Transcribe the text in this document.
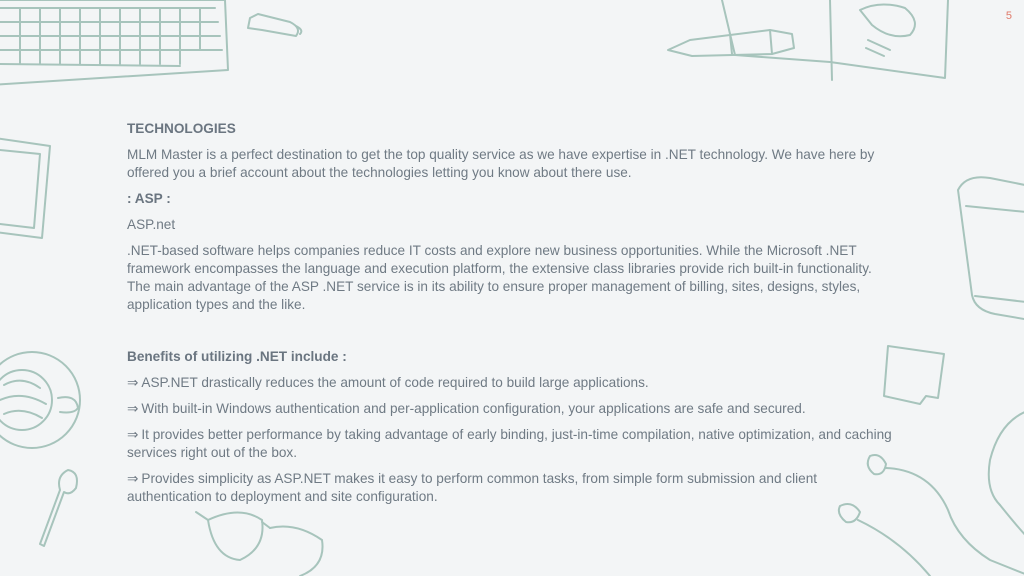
5

TECHNOLOGIES

MLM Master is a perfect destination to get the top quality service as we have expertise in .NET technology. We have here by offered you a brief account about the technologies letting you know about there use.

: ASP :

ASP.net

.NET-based software helps companies reduce IT costs and explore new business opportunities. While the Microsoft .NET framework encompasses the language and execution platform, the extensive class libraries provide rich built-in functionality. The main advantage of the ASP .NET service is in its ability to ensure proper management of billing, sites, designs, styles, application types and the like.

Benefits of utilizing .NET include :

⇒ ASP.NET drastically reduces the amount of code required to build large applications.

⇒ With built-in Windows authentication and per-application configuration, your applications are safe and secured.

⇒ It provides better performance by taking advantage of early binding, just-in-time compilation, native optimization, and caching services right out of the box.

⇒ Provides simplicity as ASP.NET makes it easy to perform common tasks, from simple form submission and client authentication to deployment and site configuration.
